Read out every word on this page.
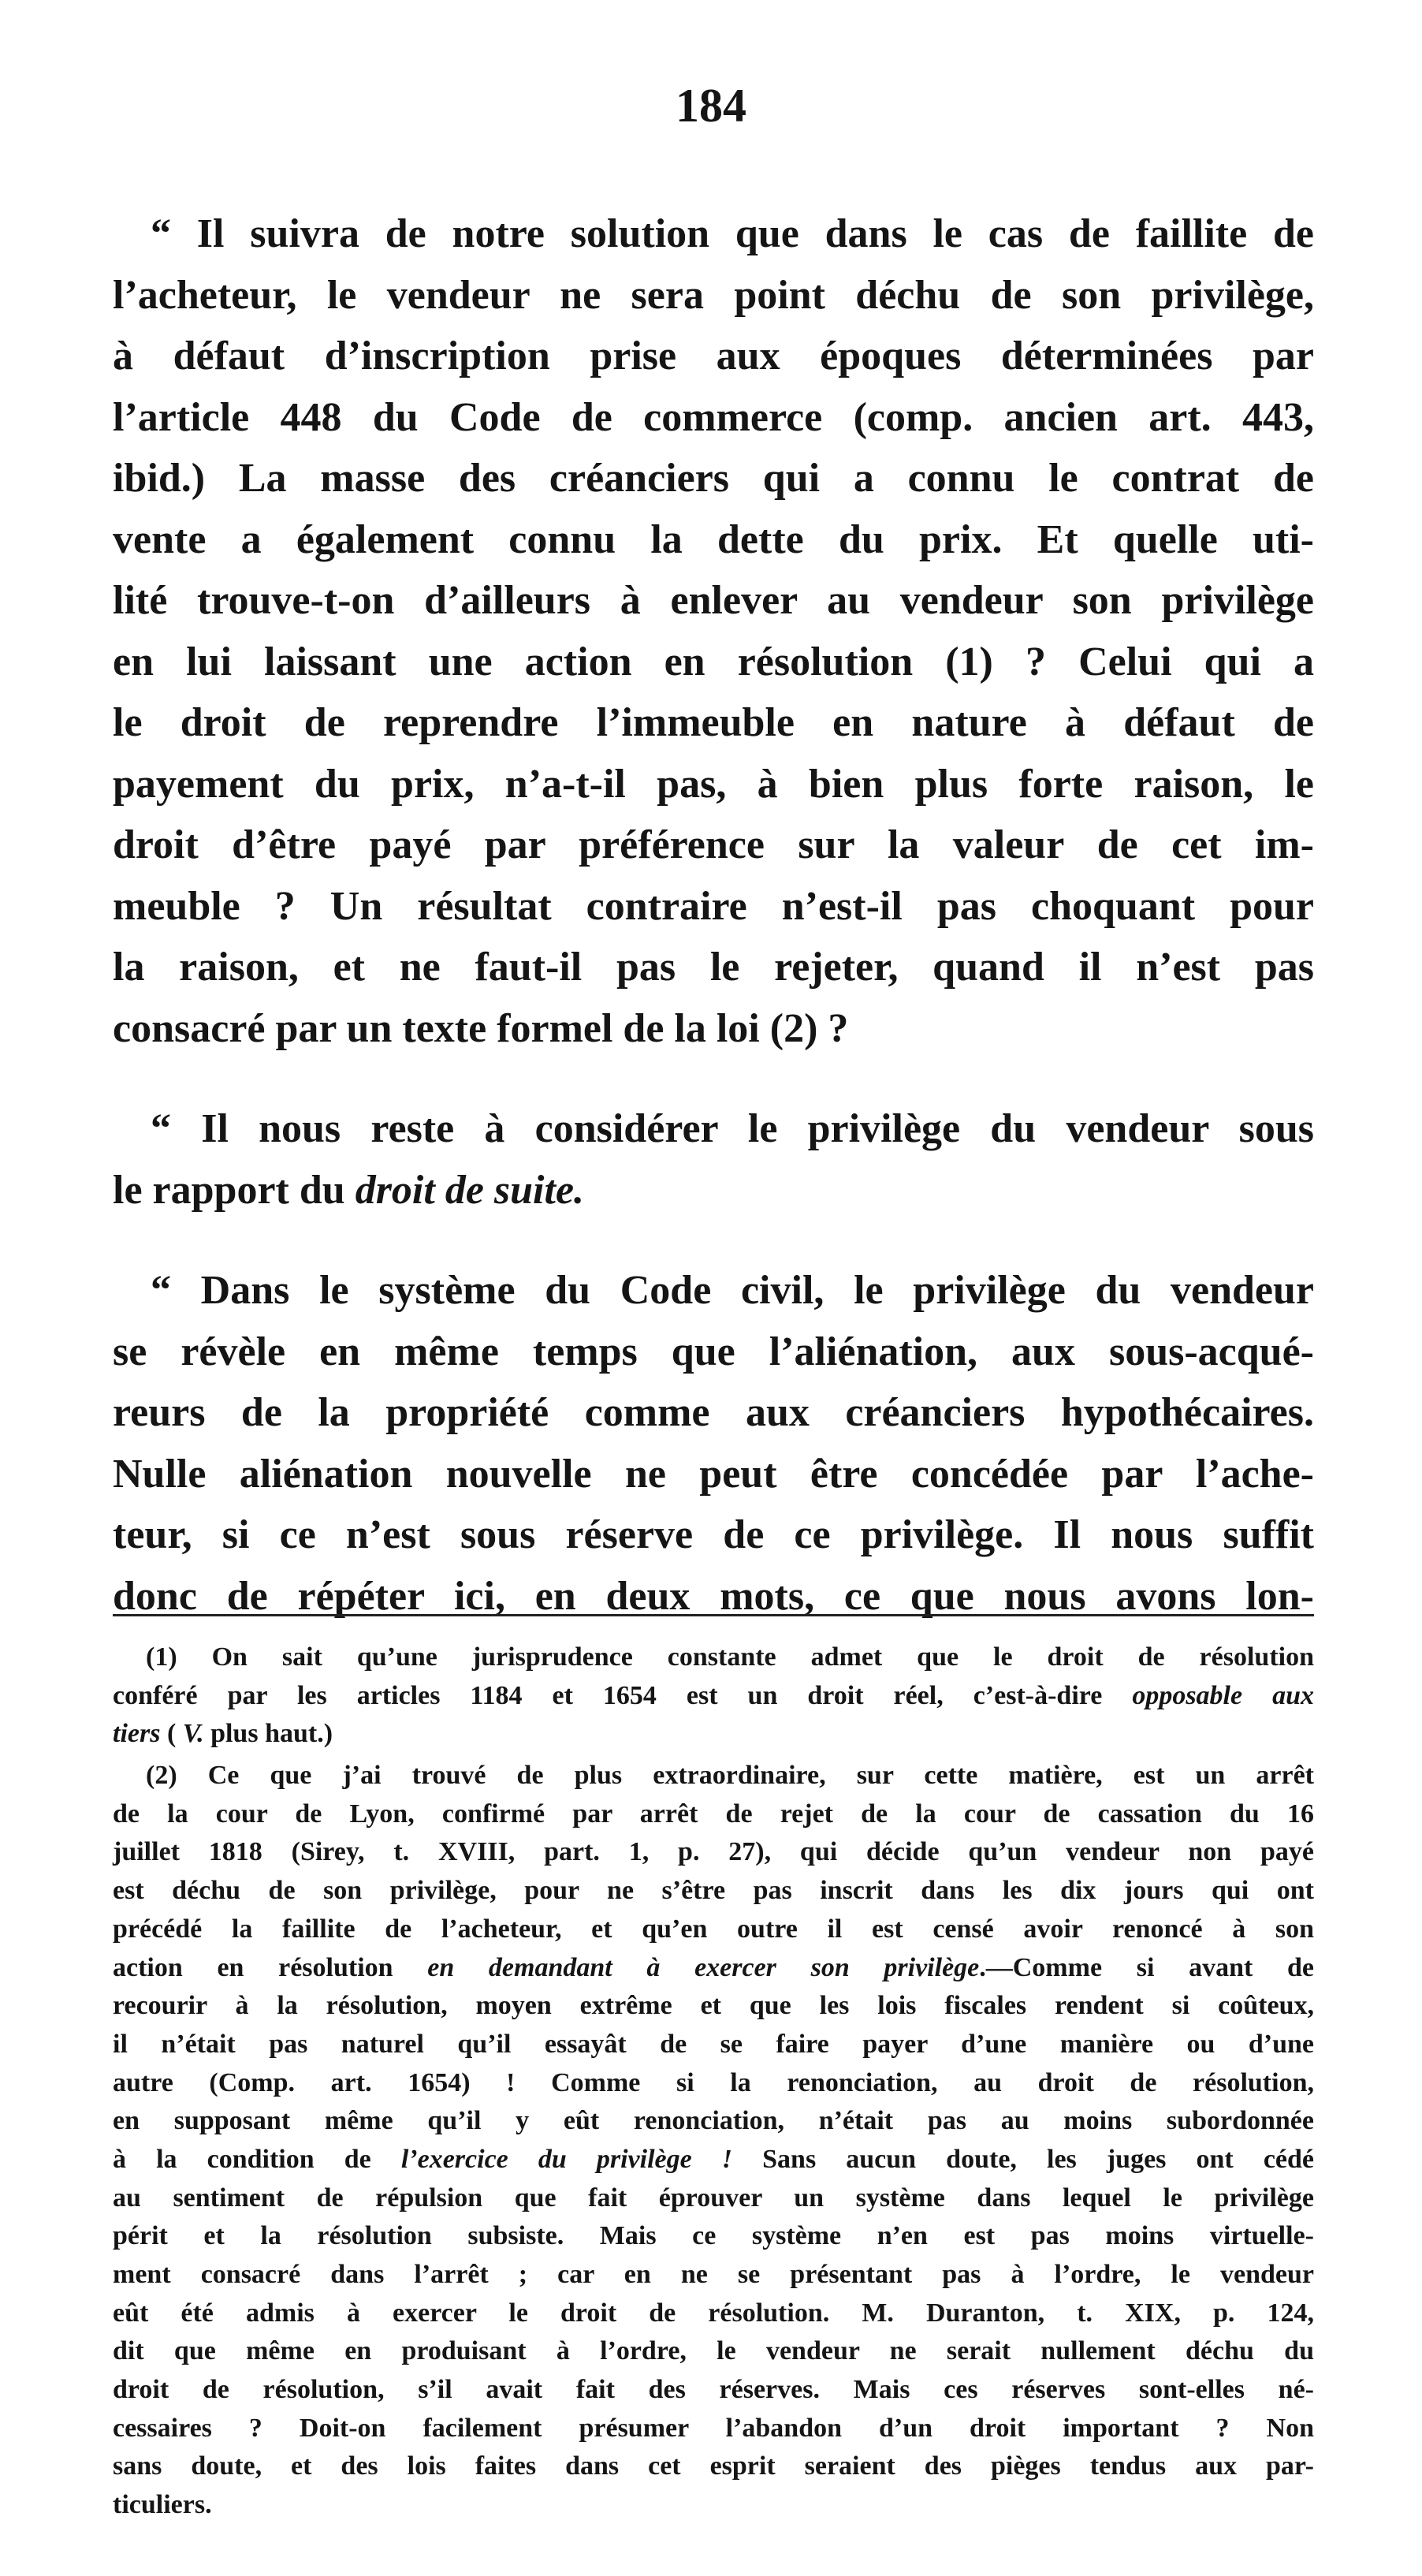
184
“ Il suivra de notre solution que dans le cas de faillite de
l’acheteur, le vendeur ne sera point déchu de son privilège,
à défaut d’inscription prise aux époques déterminées par
l’article 448 du Code de commerce (comp. ancien art. 443,
ibid.) La masse des créanciers qui a connu le contrat de
vente a également connu la dette du prix. Et quelle uti-
lité trouve-t-on d’ailleurs à enlever au vendeur son privilège
en lui laissant une action en résolution (1) ? Celui qui a
le droit de reprendre l’immeuble en nature à défaut de
payement du prix, n’a-t-il pas, à bien plus forte raison, le
droit d’être payé par préférence sur la valeur de cet im-
meuble ? Un résultat contraire n’est-il pas choquant pour
la raison, et ne faut-il pas le rejeter, quand il n’est pas
consacré par un texte formel de la loi (2) ?
“ Il nous reste à considérer le privilège du vendeur sous
le rapport du droit de suite.
“ Dans le système du Code civil, le privilège du vendeur
se révèle en même temps que l’aliénation, aux sous-acqué-
reurs de la propriété comme aux créanciers hypothécaires.
Nulle aliénation nouvelle ne peut être concédée par l’ache-
teur, si ce n’est sous réserve de ce privilège. Il nous suffit
donc de répéter ici, en deux mots, ce que nous avons lon-
(1) On sait qu’une jurisprudence constante admet que le droit de résolution
conféré par les articles 1184 et 1654 est un droit réel, c’est-à-dire opposable aux
tiers ( V. plus haut.)
(2) Ce que j’ai trouvé de plus extraordinaire, sur cette matière, est un arrêt
de la cour de Lyon, confirmé par arrêt de rejet de la cour de cassation du 16
juillet 1818 (Sirey, t. XVIII, part. 1, p. 27), qui décide qu’un vendeur non payé
est déchu de son privilège, pour ne s’être pas inscrit dans les dix jours qui ont
précédé la faillite de l’acheteur, et qu’en outre il est censé avoir renoncé à son
action en résolution en demandant à exercer son privilège.—Comme si avant de
recourir à la résolution, moyen extrême et que les lois fiscales rendent si coûteux,
il n’était pas naturel qu’il essayât de se faire payer d’une manière ou d’une
autre (Comp. art. 1654) ! Comme si la renonciation, au droit de résolution,
en supposant même qu’il y eût renonciation, n’était pas au moins subordonnée
à la condition de l’exercice du privilège ! Sans aucun doute, les juges ont cédé
au sentiment de répulsion que fait éprouver un système dans lequel le privilège
périt et la résolution subsiste. Mais ce système n’en est pas moins virtuelle-
ment consacré dans l’arrêt ; car en ne se présentant pas à l’ordre, le vendeur
eût été admis à exercer le droit de résolution. M. Duranton, t. XIX, p. 124,
dit que même en produisant à l’ordre, le vendeur ne serait nullement déchu du
droit de résolution, s’il avait fait des réserves. Mais ces réserves sont-elles né-
cessaires ? Doit-on facilement présumer l’abandon d’un droit important ? Non
sans doute, et des lois faites dans cet esprit seraient des pièges tendus aux par-
ticuliers.
